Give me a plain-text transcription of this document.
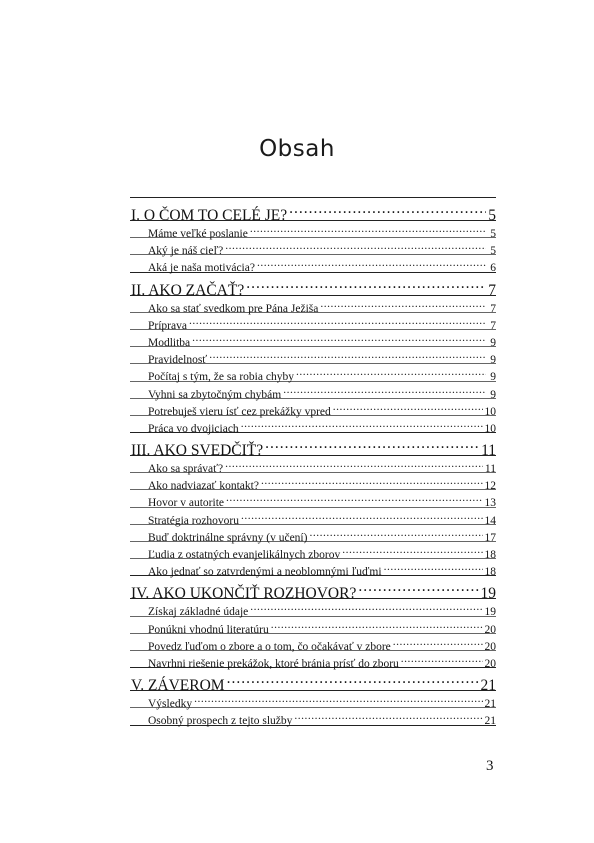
Obsah
I. O ČOM TO CELÉ JE? .....	5
Máme veľké poslanie .....	5
Aký je náš cieľ? .....	5
Aká je naša motivácia? .....	6
II. AKO ZAČAŤ? .....	7
Ako sa stať svedkom pre Pána Ježiša .....	7
Príprava .....	7
Modlitba .....	9
Pravidelnosť .....	9
Počítaj s tým, že sa robia chyby .....	9
Vyhni sa zbytočným chybám .....	9
Potrebuješ vieru ísť cez prekážky vpred .....	10
Práca vo dvojiciach .....	10
III. AKO SVEDČIŤ? .....	11
Ako sa správať? .....	11
Ako nadviazať kontakt? .....	12
Hovor v autorite .....	13
Stratégia rozhovoru .....	14
Buď doktrinálne správny (v učení) .....	17
Ľudia z ostatných evanjelikálnych zborov .....	18
Ako jednať so zatvrdenými a neoblomnými ľuďmi .....	18
IV. AKO UKONČIŤ ROZHOVOR? .....	19
Získaj základné údaje .....	19
Ponúkni vhodnú literatúru .....	20
Povedz ľuďom o zbore a o tom, čo očakávať v zbore .....	20
Navrhni riešenie prekážok, ktoré bránia prísť do zboru .....	20
V. ZÁVEROM .....	21
Výsledky .....	21
Osobný prospech z tejto služby .....	21
3
